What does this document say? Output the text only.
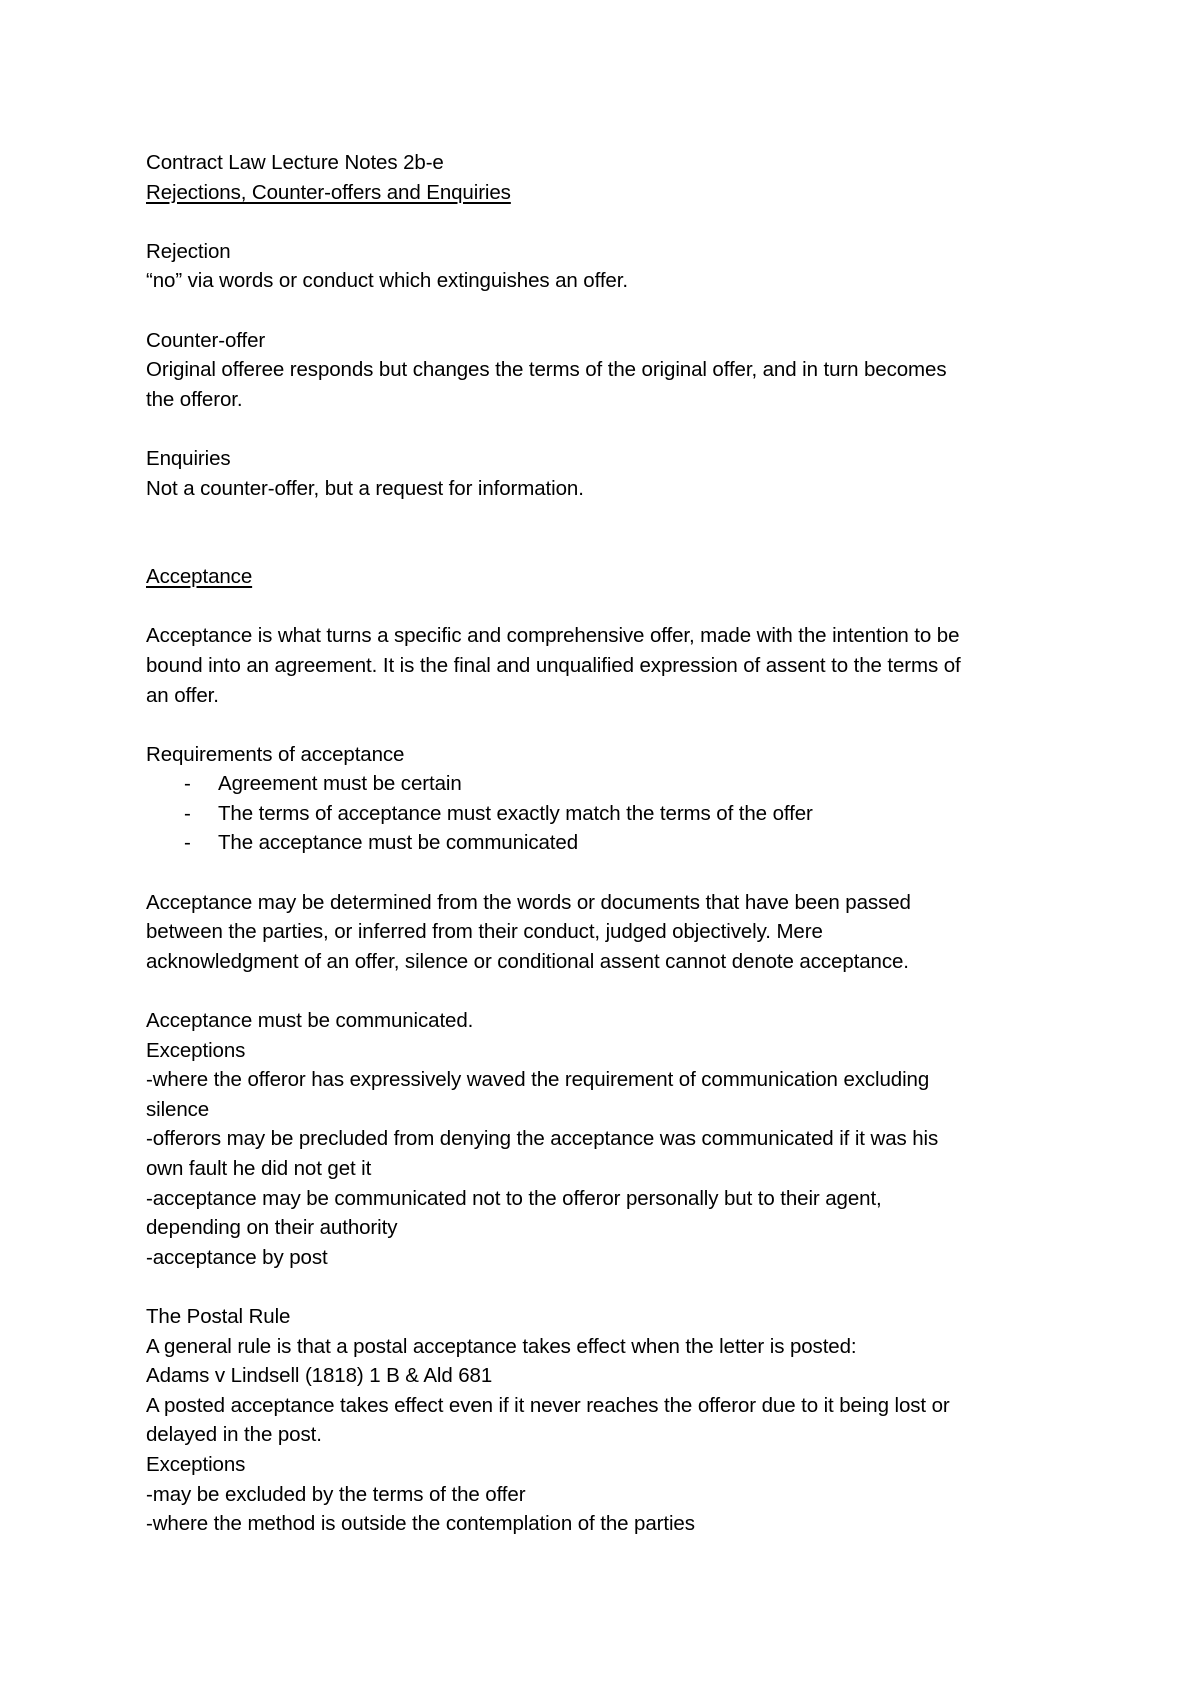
Contract Law Lecture Notes 2b-e
Rejections, Counter-offers and Enquiries
Rejection
“no” via words or conduct which extinguishes an offer.
Counter-offer
Original offeree responds but changes the terms of the original offer, and in turn becomes
the offeror.
Enquiries
Not a counter-offer, but a request for information.
Acceptance
Acceptance is what turns a specific and comprehensive offer, made with the intention to be
bound into an agreement. It is the final and unqualified expression of assent to the terms of
an offer.
Requirements of acceptance
- Agreement must be certain
- The terms of acceptance must exactly match the terms of the offer
- The acceptance must be communicated
Acceptance may be determined from the words or documents that have been passed
between the parties, or inferred from their conduct, judged objectively. Mere
acknowledgment of an offer, silence or conditional assent cannot denote acceptance.
Acceptance must be communicated.
Exceptions
-where the offeror has expressively waved the requirement of communication excluding
silence
-offerors may be precluded from denying the acceptance was communicated if it was his
own fault he did not get it
-acceptance may be communicated not to the offeror personally but to their agent,
depending on their authority
-acceptance by post
The Postal Rule
A general rule is that a postal acceptance takes effect when the letter is posted:
Adams v Lindsell (1818) 1 B & Ald 681
A posted acceptance takes effect even if it never reaches the offeror due to it being lost or
delayed in the post.
Exceptions
-may be excluded by the terms of the offer
-where the method is outside the contemplation of the parties
